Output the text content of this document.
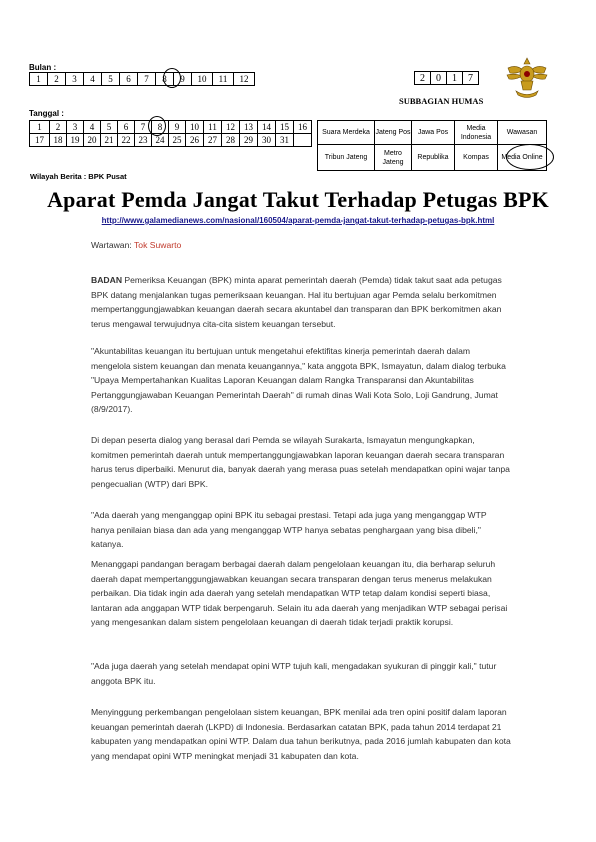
Bulan :
1	2	3	4	5	6	7	8	9	10	11	12	2	0	1	7
SUBBAGIAN HUMAS
Tanggal :
1	2	3	4	5	6	7	8	9	10	11	12	13	14	15	16
17	18	19	20	21	22	23	24	25	26	27	28	29	30	31	
Suara Merdeka	Jateng Pos	Jawa Pos	Media Indonesia	Wawasan
Tribun Jateng	Metro Jateng	Republika	Kompas	Media Online
Wilayah Berita : BPK Pusat
Aparat Pemda Jangat Takut Terhadap Petugas BPK
http://www.galamedianews.com/nasional/160504/aparat-pemda-jangat-takut-terhadap-petugas-bpk.html

Wartawan: Tok Suwarto

BADAN Pemeriksa Keuangan (BPK) minta aparat pemerintah daerah (Pemda) tidak takut saat ada petugas BPK datang menjalankan tugas pemeriksaan keuangan. Hal itu bertujuan agar Pemda selalu berkomitmen mempertanggungjawabkan keuangan daerah secara akuntabel dan transparan dan BPK berkomitmen akan terus mengawal terwujudnya cita-cita sistem keuangan tersebut.

"Akuntabilitas keuangan itu bertujuan untuk mengetahui efektifitas kinerja pemerintah daerah dalam mengelola sistem keuangan dan menata keuangannya," kata anggota BPK, Ismayatun, dalam dialog terbuka "Upaya Mempertahankan Kualitas Laporan Keuangan dalam Rangka Transparansi dan Akuntabilitas Pertanggungjawaban Keuangan Pemerintah Daerah" di rumah dinas Wali Kota Solo, Loji Gandrung, Jumat (8/9/2017).
Di depan peserta dialog yang berasal dari Pemda se wilayah Surakarta, Ismayatun mengungkapkan, komitmen pemerintah daerah untuk mempertanggungjawabkan laporan keuangan daerah secara transparan harus terus diperbaiki. Menurut dia, banyak daerah yang merasa puas setelah mendapatkan opini wajar tanpa pengecualian (WTP) dari BPK.
"Ada daerah yang menganggap opini BPK itu sebagai prestasi. Tetapi ada juga yang menganggap WTP hanya penilaian biasa dan ada yang menganggap WTP hanya sebatas penghargaan yang bisa dibeli," katanya.
Menanggapi pandangan beragam berbagai daerah dalam pengelolaan keuangan itu, dia berharap seluruh daerah dapat mempertanggungjawabkan keuangan secara transparan dengan terus menerus melakukan perbaikan. Dia tidak ingin ada daerah yang setelah mendapatkan WTP tetap dalam kondisi seperti biasa, lantaran ada anggapan WTP tidak berpengaruh. Selain itu ada daerah yang menjadikan WTP sebagai perisai yang mengesankan dalam sistem pengelolaan keuangan di daerah tidak terjadi praktik korupsi.
"Ada juga daerah yang setelah mendapat opini WTP tujuh kali, mengadakan syukuran di pinggir kali," tutur anggota BPK itu.
Menyinggung perkembangan pengelolaan sistem keuangan, BPK menilai ada tren opini positif dalam laporan keuangan pemerintah daerah (LKPD) di Indonesia. Berdasarkan catatan BPK, pada tahun 2014 terdapat 21 kabupaten yang mendapatkan opini WTP. Dalam dua tahun berikutnya, pada 2016 jumlah kabupaten dan kota yang mendapat opini WTP meningkat menjadi 31 kabupaten dan kota.
